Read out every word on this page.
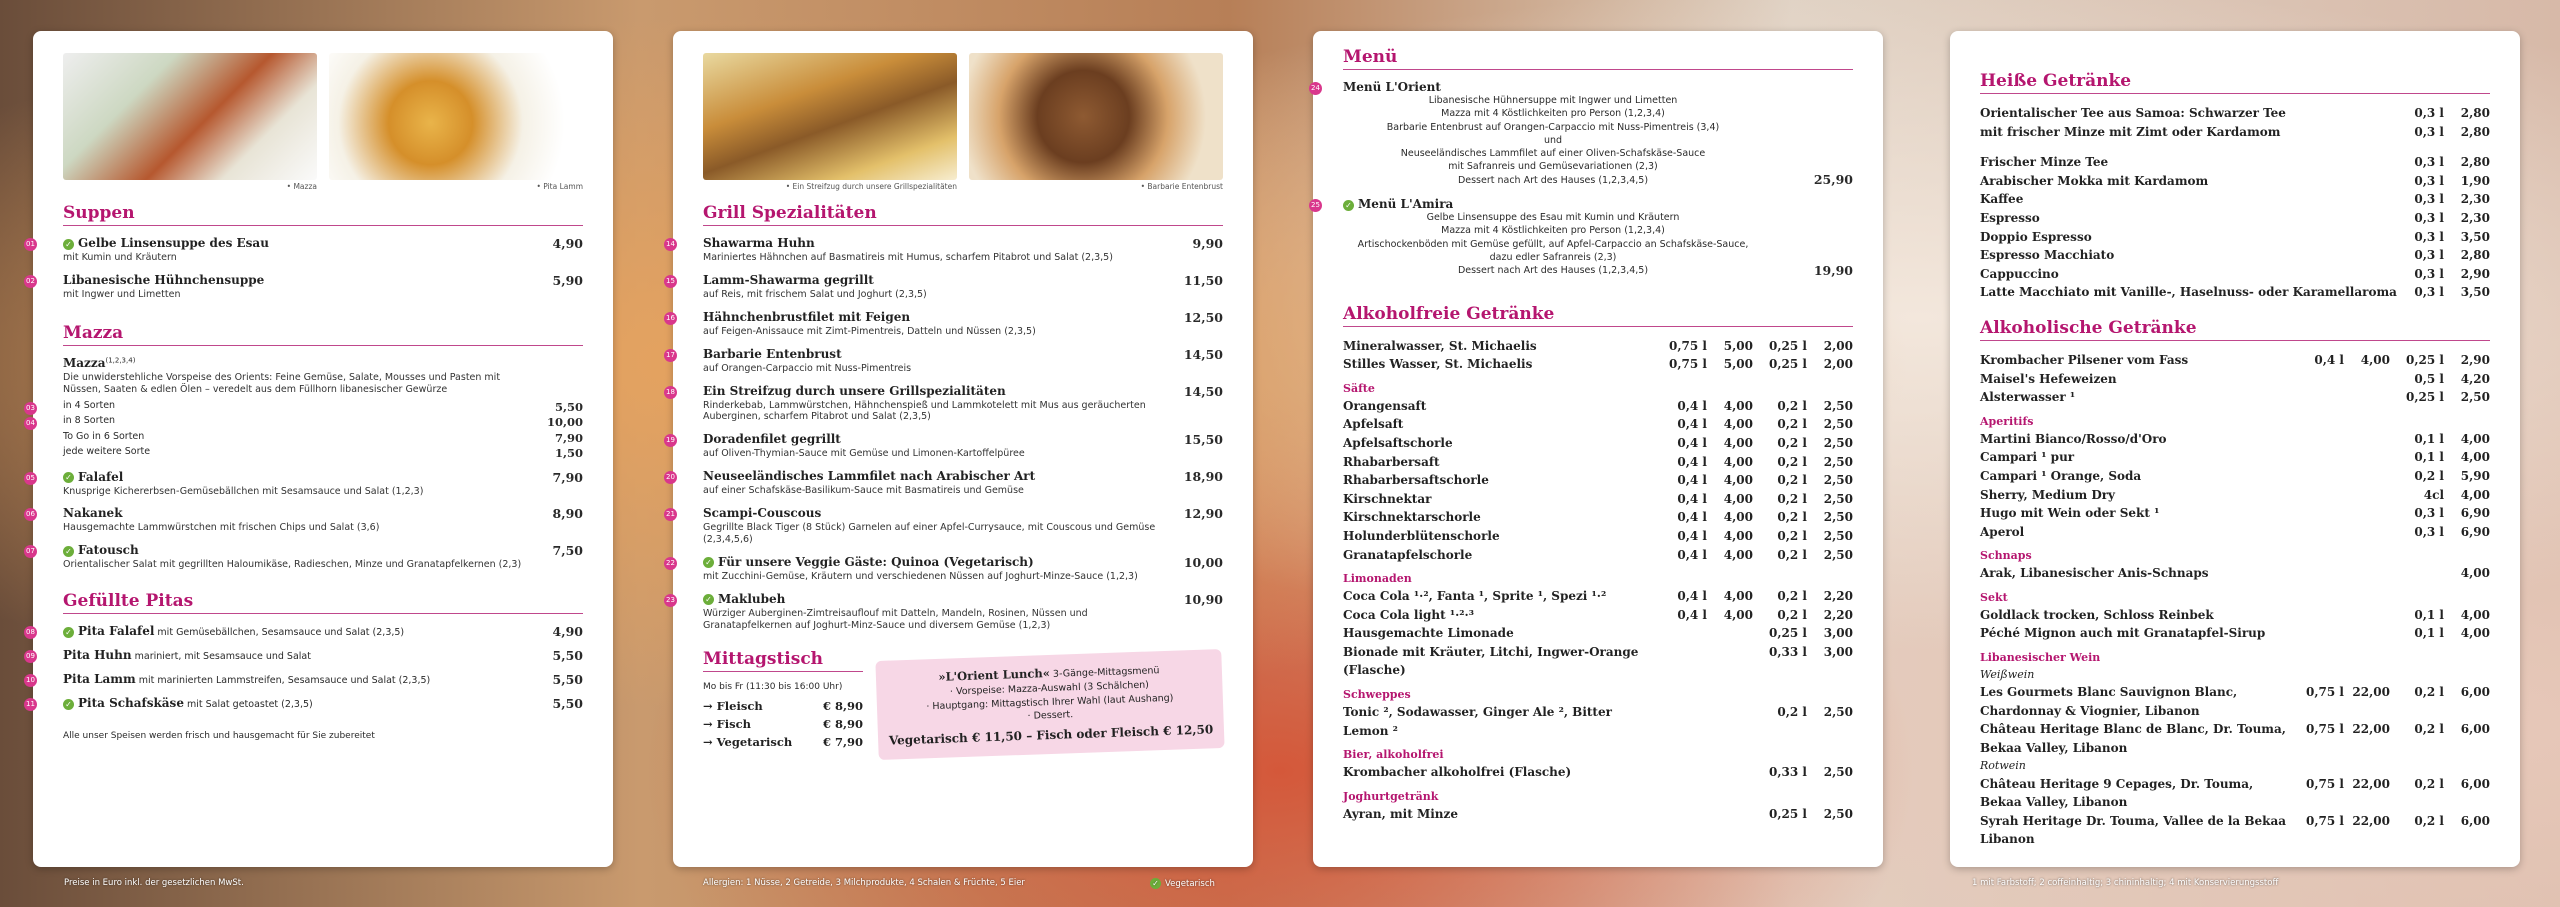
• Mazza	• Pita Lamm
Suppen
01	✓ Gelbe Linsensuppe des Esau
mit Kumin und Kräutern
4,90
02 Libanesische Hühnchensuppe
mit Ingwer und Limetten
5,90
Mazza
Mazza$^{(1,2,3,4)}$
Die unwiderstehliche Vorspeise des Orients: Feine Gemüse, Salate, Mousses und Pasten mit Nüssen, Saaten & edlen Ölen – veredelt aus dem Füllhorn libanesischer Gewürze
03	in 4 Sorten	5,50
04	in 8 Sorten	10,00
To Go in 6 Sorten	7,90
jede weitere Sorte	1,50
05	✓ Falafel
Knusprige Kichererbsen-Gemüsebällchen mit Sesamsauce und Salat (1,2,3)
7,90
06 Nakanek
Hausgemachte Lammwürstchen mit frischen Chips und Salat (3,6)
8,90
07	✓ Fatousch
Orientalischer Salat mit gegrillten Haloumikäse, Radieschen, Minze und Granatapfelkernen (2,3)
7,50
Gefüllte Pitas
08	✓ Pita Falafel mit Gemüsebällchen, Sesamsauce und Salat (2,3,5)	4,90
09 Pita Huhn mariniert, mit Sesamsauce und Salat	5,50
10 Pita Lamm mit marinierten Lammstreifen, Sesamsauce und Salat (2,3,5)	5,50
11	✓ Pita Schafskäse mit Salat getoastet (2,3,5)	5,50
Alle unser Speisen werden frisch und hausgemacht für Sie zubereitet
• Ein Streifzug durch unsere Grillspezialitäten	• Barbarie Entenbrust
Grill Spezialitäten
14 Shawarma Huhn
Mariniertes Hähnchen auf Basmatireis mit Humus, scharfem Pitabrot und Salat (2,3,5)
9,90
15 Lamm-Shawarma gegrillt
auf Reis, mit frischem Salat und Joghurt (2,3,5)
11,50
16 Hähnchenbrustfilet mit Feigen
auf Feigen-Anissauce mit Zimt-Pimentreis, Datteln und Nüssen (2,3,5)
12,50
17 Barbarie Entenbrust
auf Orangen-Carpaccio mit Nuss-Pimentreis
14,50
18 Ein Streifzug durch unsere Grillspezialitäten
Rinderkebab, Lammwürstchen, Hähnchenspieß und Lammkotelett mit Mus aus geräucherten Auberginen, scharfem Pitabrot und Salat (2,3,5)
14,50
19 Doradenfilet gegrillt
auf Oliven-Thymian-Sauce mit Gemüse und Limonen-Kartoffelpüree
15,50
20 Neuseeländisches Lammfilet nach Arabischer Art
auf einer Schafskäse-Basilikum-Sauce mit Basmatireis und Gemüse
18,90
21 Scampi-Couscous
Gegrillte Black Tiger (8 Stück) Garnelen auf einer Apfel-Currysauce, mit Couscous und Gemüse (2,3,4,5,6)
12,90
22	✓ Für unsere Veggie Gäste: Quinoa (Vegetarisch)
mit Zucchini-Gemüse, Kräutern und verschiedenen Nüssen auf Joghurt-Minze-Sauce (1,2,3)
10,00
23	✓ Maklubeh
Würziger Auberginen-Zimtreisauflouf mit Datteln, Mandeln, Rosinen, Nüssen und Granatapfelkernen auf Joghurt-Minz-Sauce und diversem Gemüse (1,2,3)
10,90
Mittagstisch
Mo bis Fr (11:30 bis 16:00 Uhr)
→ Fleisch	€ 8,90
→ Fisch	€ 8,90
→ Vegetarisch	€ 7,90
»L'Orient Lunch« 3-Gänge-Mittagsmenü
· Vorspeise: Mazza-Auswahl (3 Schälchen)
· Hauptgang: Mittagstisch Ihrer Wahl (laut Aushang)
· Dessert.
Vegetarisch € 11,50 – Fisch oder Fleisch € 12,50
Menü
24 Menü L'Orient
Libanesische Hühnersuppe mit Ingwer und Limetten
Mazza mit 4 Köstlichkeiten pro Person (1,2,3,4)
Barbarie Entenbrust auf Orangen-Carpaccio mit Nuss-Pimentreis (3,4)
und
Neuseeländisches Lammfilet auf einer Oliven-Schafskäse-Sauce
mit Safranreis und Gemüsevariationen (2,3)
Dessert nach Art des Hauses (1,2,3,4,5)	25,90
25	✓ Menü L'Amira
Gelbe Linsensuppe des Esau mit Kumin und Kräutern
Mazza mit 4 Köstlichkeiten pro Person (1,2,3,4)
Artischockenböden mit Gemüse gefüllt, auf Apfel-Carpaccio an Schafskäse-Sauce,
dazu edler Safranreis (2,3)
Dessert nach Art des Hauses (1,2,3,4,5)	19,90
Alkoholfreie Getränke
Mineralwasser, St. Michaelis	0,75 l	5,00 0,25 l	2,00
Stilles Wasser, St. Michaelis	0,75 l	5,00 0,25 l	2,00
Säfte
Orangensaft	0,4 l	4,00	0,2 l	2,50
Apfelsaft	0,4 l	4,00	0,2 l	2,50
Apfelsaftschorle	0,4 l	4,00	0,2 l	2,50
Rhabarbersaft	0,4 l	4,00	0,2 l	2,50
Rhabarbersaftschorle	0,4 l	4,00	0,2 l	2,50
Kirschnektar	0,4 l	4,00	0,2 l	2,50
Kirschnektarschorle	0,4 l	4,00	0,2 l	2,50
Holunderblütenschorle	0,4 l	4,00	0,2 l	2,50
Granatapfelschorle	0,4 l	4,00	0,2 l	2,50
Limonaden
Coca Cola ¹·², Fanta ¹, Sprite ¹, Spezi ¹·²	0,4 l	4,00	0,2 l	2,20
Coca Cola light ¹·²·³	0,4 l	4,00	0,2 l	2,20
Hausgemachte Limonade	0,25 l	3,00
Bionade mit Kräuter, Litchi, Ingwer-Orange (Flasche)
0,33 l	3,00
Schweppes
Tonic ², Sodawasser, Ginger Ale ², Bitter Lemon ²
0,2 l	2,50
Bier, alkoholfrei
Krombacher alkoholfrei (Flasche)	0,33 l	2,50
Joghurtgetränk
Ayran, mit Minze	0,25 l	2,50
Heiße Getränke
Orientalischer Tee aus Samoa: Schwarzer Tee	0,3 l	2,80
mit frischer Minze mit Zimt oder Kardamom	0,3 l	2,80
Frischer Minze Tee	0,3 l	2,80
Arabischer Mokka mit Kardamom	0,3 l	1,90
Kaffee	0,3 l	2,30
Espresso	0,3 l	2,30
Doppio Espresso	0,3 l	3,50
Espresso Macchiato	0,3 l	2,80
Cappuccino	0,3 l	2,90
Latte Macchiato mit Vanille-, Haselnuss- oder Karamellaroma	0,3 l	3,50
Alkoholische Getränke
Krombacher Pilsener vom Fass	0,4 l	4,00 0,25 l	2,90
Maisel's Hefeweizen	0,5 l	4,20
Alsterwasser ¹	0,25 l	2,50
Aperitifs
Martini Bianco/Rosso/d'Oro	0,1 l	4,00
Campari ¹ pur	0,1 l	4,00
Campari ¹ Orange, Soda	0,2 l	5,90
Sherry, Medium Dry	4cl	4,00
Hugo mit Wein oder Sekt ¹	0,3 l	6,90
Aperol	0,3 l	6,90
Schnaps
Arak, Libanesischer Anis-Schnaps	4,00
Sekt
Goldlack trocken, Schloss Reinbek	0,1 l	4,00
Péché Mignon auch mit Granatapfel-Sirup	0,1 l	4,00
Libanesischer Wein
Weißwein
Les Gourmets Blanc Sauvignon Blanc, Chardonnay & Viognier, Libanon
0,75 l 22,00	0,2 l	6,00
Château Heritage Blanc de Blanc, Dr. Touma, Bekaa Valley, Libanon
0,75 l 22,00	0,2 l	6,00
Rotwein
Château Heritage 9 Cepages, Dr. Touma, Bekaa Valley, Libanon
0,75 l 22,00	0,2 l	6,00
Syrah Heritage Dr. Touma, Vallee de la Bekaa Libanon
0,75 l 22,00	0,2 l	6,00
Preise in Euro inkl. der gesetzlichen MwSt.	Allergien: 1 Nüsse, 2 Getreide, 3 Milchprodukte, 4 Schalen & Früchte, 5 Eier	✓ Vegetarisch	1 mit Farbstoff; 2 coffeinhaltig; 3 chininhaltig; 4 mit Konservierungsstoff
